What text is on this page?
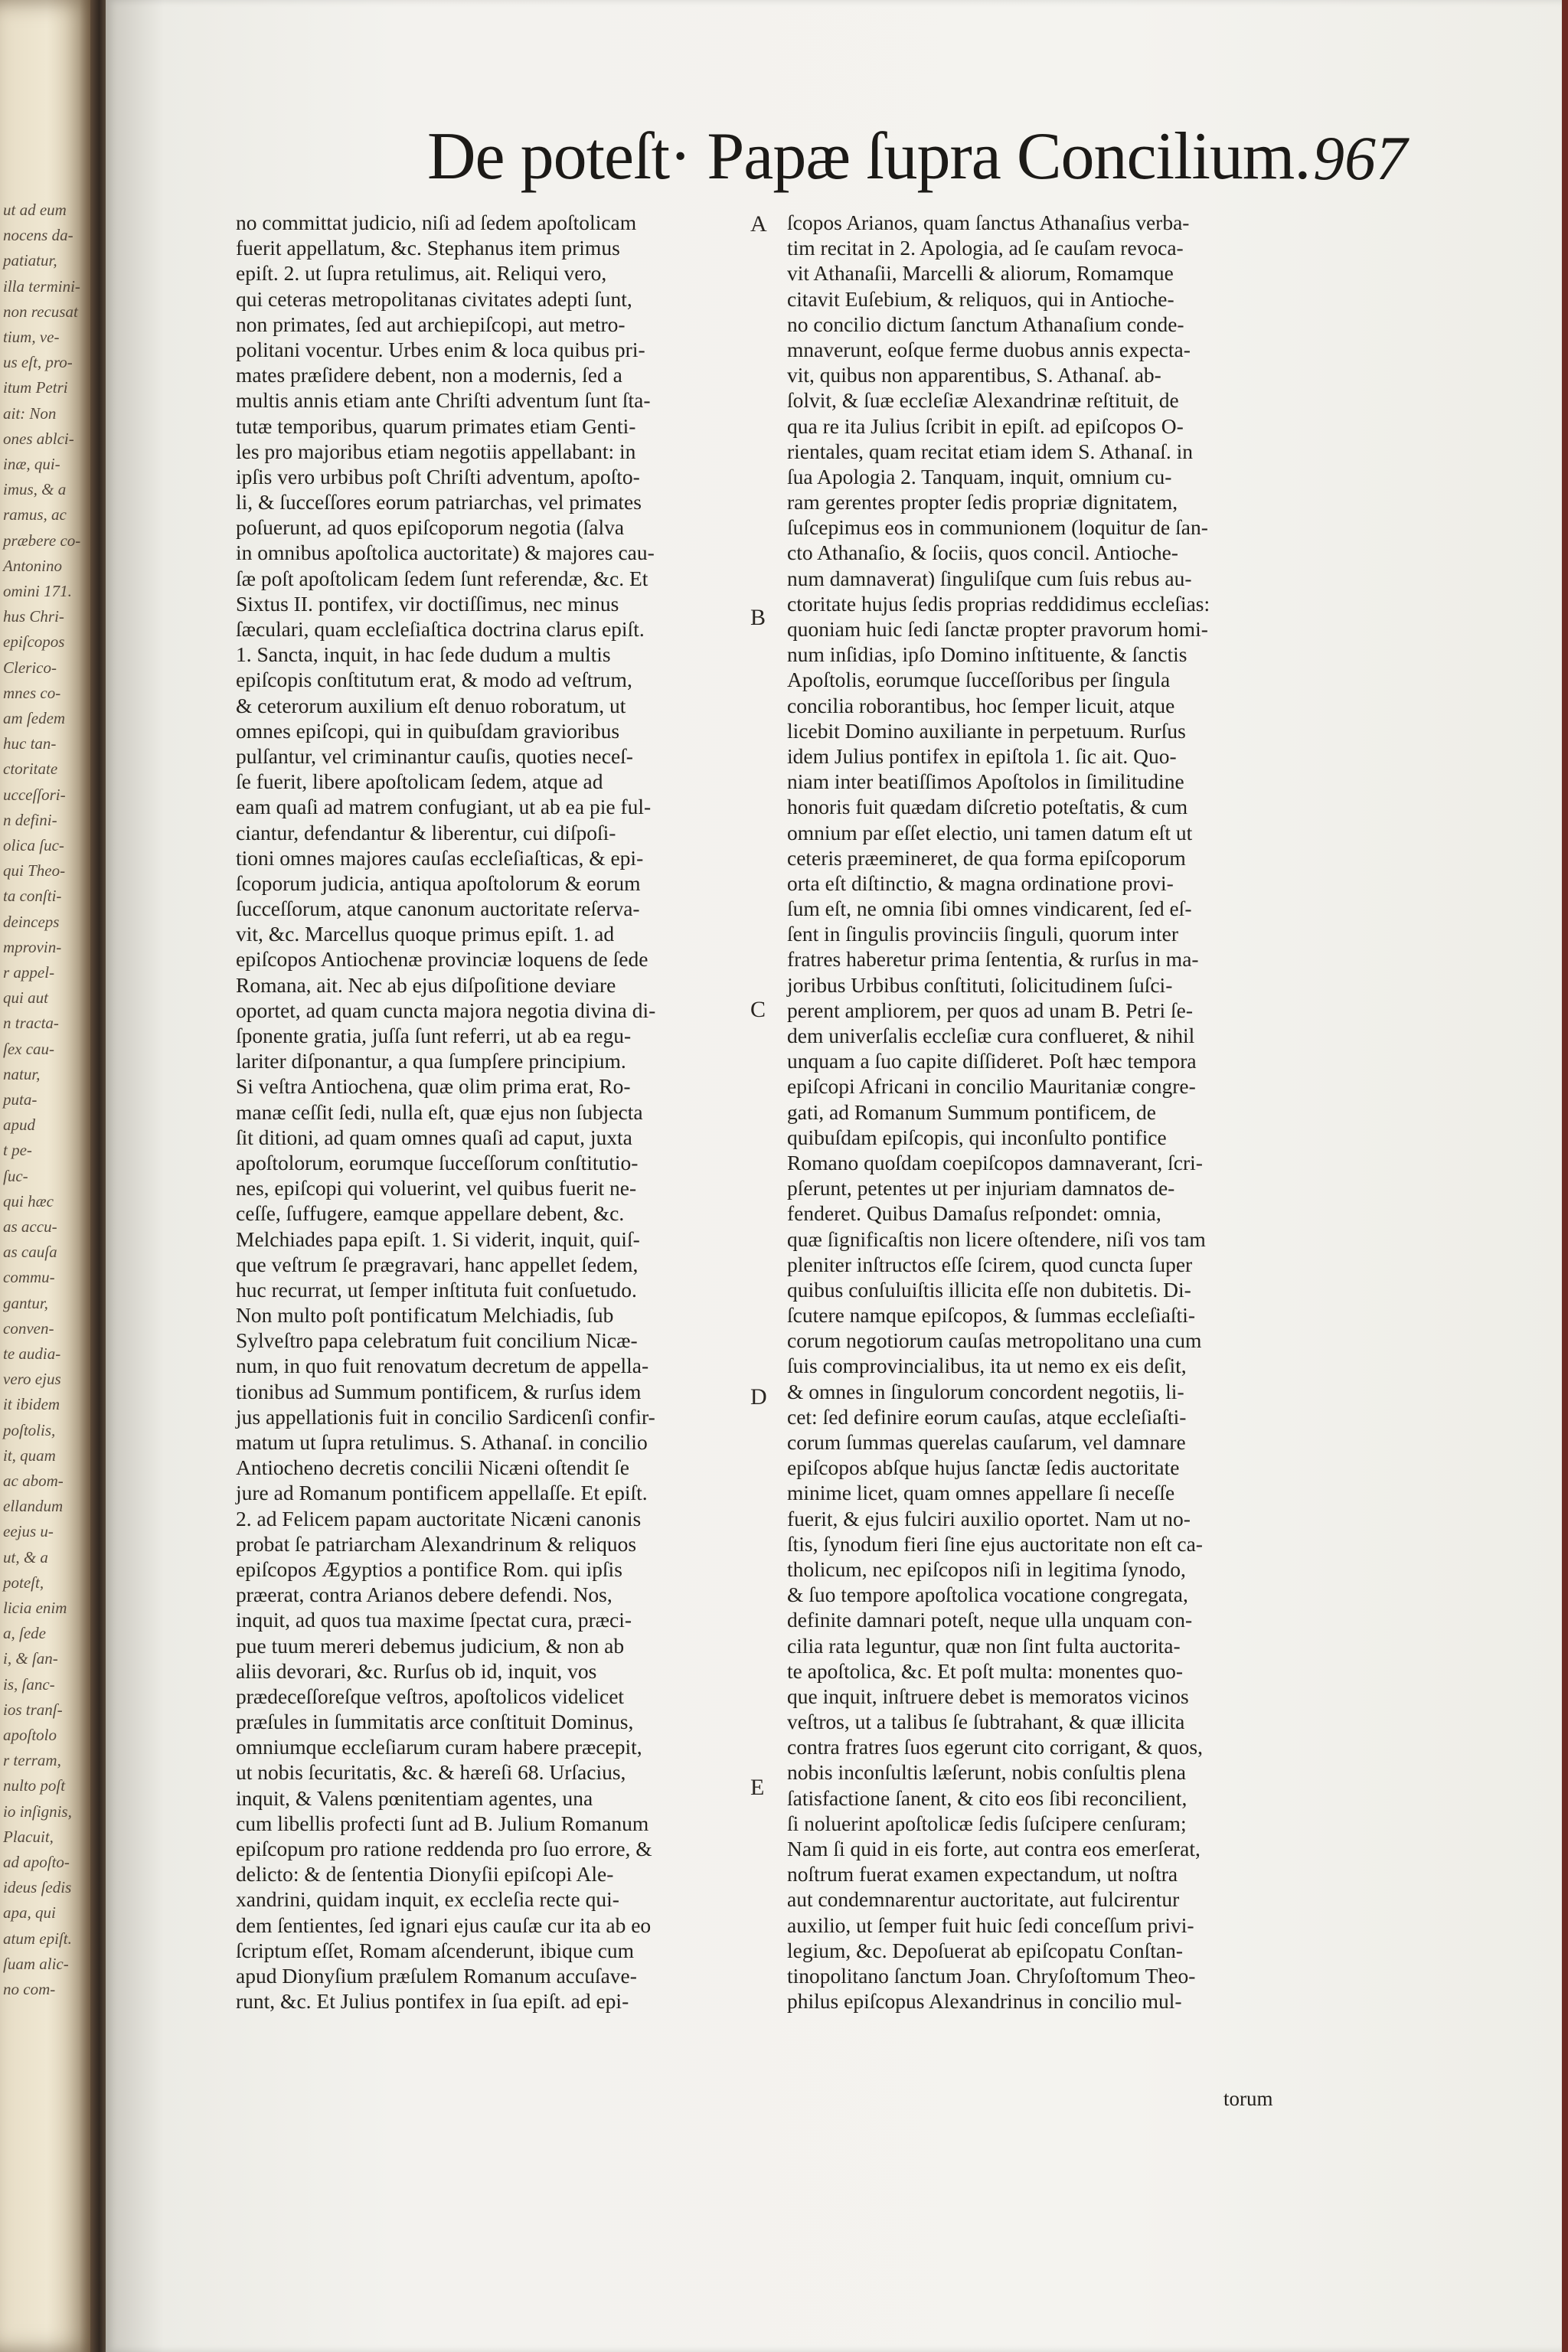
ut ad eum
nocens da-
patiatur,
illa termini-
non recusat
tium, ve-
us eſt, pro-
itum Petri
ait: Non
ones ablci-
inæ, qui-
imus, & a
ramus, ac
præbere co-
Antonino
omini 171.
hus Chri-
epiſcopos
Clerico-
mnes co-
am ſedem
huc tan-
ctoritate
ucceſſori-
n defini-
olica ſuc-
qui Theo-
ta conſti-
deinceps
mprovin-
r appel-
qui aut
n tracta-
ſex cau-
natur,
puta-
apud
t pe-
ſuc-
qui hæc
as accu-
as cauſa
commu-
gantur,
conven-
te audia-
vero ejus
it ibidem
poſtolis,
it, quam
ac abom-
ellandum
eejus u-
ut, & a
poteſt,
licia enim
a, ſede
i, & ſan-
is, ſanc-
ios tranſ-
apoſtolo
r terram,
nulto poſt
io inſignis,
Placuit,
ad apoſto-
ideus ſedis
apa, qui
atum epiſt.
ſuam alic-
no com-
De poteſt· Papæ ſupra Concilium. 967
no committat judicio, niſi ad ſedem apoſtolicam
fuerit appellatum, &c. Stephanus item primus
epiſt. 2. ut ſupra retulimus, ait. Reliqui vero,
qui ceteras metropolitanas civitates adepti ſunt,
non primates, ſed aut archiepiſcopi, aut metro-
politani vocentur. Urbes enim & loca quibus pri-
mates præſidere debent, non a modernis, ſed a
multis annis etiam ante Chriſti adventum ſunt ſta-
tutæ temporibus, quarum primates etiam Genti-
les pro majoribus etiam negotiis appellabant: in
ipſis vero urbibus poſt Chriſti adventum, apoſto-
li, & ſucceſſores eorum patriarchas, vel primates
poſuerunt, ad quos epiſcoporum negotia (ſalva
in omnibus apoſtolica auctoritate) & majores cau-
ſæ poſt apoſtolicam ſedem ſunt referendæ, &c. Et
Sixtus II. pontifex, vir doctiſſimus, nec minus
ſæculari, quam eccleſiaſtica doctrina clarus epiſt.
1. Sancta, inquit, in hac ſede dudum a multis
epiſcopis conſtitutum erat, & modo ad veſtrum,
& ceterorum auxilium eſt denuo roboratum, ut
omnes epiſcopi, qui in quibuſdam gravioribus
pulſantur, vel criminantur cauſis, quoties neceſ-
ſe fuerit, libere apoſtolicam ſedem, atque ad
eam quaſi ad matrem confugiant, ut ab ea pie ful-
ciantur, defendantur & liberentur, cui diſpoſi-
tioni omnes majores cauſas eccleſiaſticas, & epi-
ſcoporum judicia, antiqua apoſtolorum & eorum
ſucceſſorum, atque canonum auctoritate reſerva-
vit, &c. Marcellus quoque primus epiſt. 1. ad
epiſcopos Antiochenæ provinciæ loquens de ſede
Romana, ait. Nec ab ejus diſpoſitione deviare
oportet, ad quam cuncta majora negotia divina di-
ſponente gratia, juſſa ſunt referri, ut ab ea regu-
lariter diſponantur, a qua ſumpſere principium.
Si veſtra Antiochena, quæ olim prima erat, Ro-
manæ ceſſit ſedi, nulla eſt, quæ ejus non ſubjecta
ſit ditioni, ad quam omnes quaſi ad caput, juxta
apoſtolorum, eorumque ſucceſſorum conſtitutio-
nes, epiſcopi qui voluerint, vel quibus fuerit ne-
ceſſe, ſuffugere, eamque appellare debent, &c.
Melchiades papa epiſt. 1. Si viderit, inquit, quiſ-
que veſtrum ſe prægravari, hanc appellet ſedem,
huc recurrat, ut ſemper inſtituta fuit conſuetudo.
Non multo poſt pontificatum Melchiadis, ſub
Sylveſtro papa celebratum fuit concilium Nicæ-
num, in quo fuit renovatum decretum de appella-
tionibus ad Summum pontificem, & rurſus idem
jus appellationis fuit in concilio Sardicenſi confir-
matum ut ſupra retulimus. S. Athanaſ. in concilio
Antiocheno decretis concilii Nicæni oſtendit ſe
jure ad Romanum pontificem appellaſſe. Et epiſt.
2. ad Felicem papam auctoritate Nicæni canonis
probat ſe patriarcham Alexandrinum & reliquos
epiſcopos Ægyptios a pontifice Rom. qui ipſis
præerat, contra Arianos debere defendi. Nos,
inquit, ad quos tua maxime ſpectat cura, præci-
pue tuum mereri debemus judicium, & non ab
aliis devorari, &c. Rurſus ob id, inquit, vos
prædeceſſoreſque veſtros, apoſtolicos videlicet
præſules in ſummitatis arce conſtituit Dominus,
omniumque eccleſiarum curam habere præcepit,
ut nobis ſecuritatis, &c. & hæreſi 68. Urſacius,
inquit, & Valens pœnitentiam agentes, una
cum libellis profecti ſunt ad B. Julium Romanum
epiſcopum pro ratione reddenda pro ſuo errore, &
delicto: & de ſententia Dionyſii epiſcopi Ale-
xandrini, quidam inquit, ex eccleſia recte qui-
dem ſentientes, ſed ignari ejus cauſæ cur ita ab eo
ſcriptum eſſet, Romam aſcenderunt, ibique cum
apud Dionyſium præſulem Romanum accuſave-
runt, &c. Et Julius pontifex in ſua epiſt. ad epi-
ſcopos Arianos, quam ſanctus Athanaſius verba-
tim recitat in 2. Apologia, ad ſe cauſam revoca-
vit Athanaſii, Marcelli & aliorum, Romamque
citavit Euſebium, & reliquos, qui in Antioche-
no concilio dictum ſanctum Athanaſium conde-
mnaverunt, eoſque ferme duobus annis expecta-
vit, quibus non apparentibus, S. Athanaſ. ab-
ſolvit, & ſuæ eccleſiæ Alexandrinæ reſtituit, de
qua re ita Julius ſcribit in epiſt. ad epiſcopos O-
rientales, quam recitat etiam idem S. Athanaſ. in
ſua Apologia 2. Tanquam, inquit, omnium cu-
ram gerentes propter ſedis propriæ dignitatem,
ſuſcepimus eos in communionem (loquitur de ſan-
cto Athanaſio, & ſociis, quos concil. Antioche-
num damnaverat) ſinguliſque cum ſuis rebus au-
ctoritate hujus ſedis proprias reddidimus eccleſias:
quoniam huic ſedi ſanctæ propter pravorum homi-
num inſidias, ipſo Domino inſtituente, & ſanctis
Apoſtolis, eorumque ſucceſſoribus per ſingula
concilia roborantibus, hoc ſemper licuit, atque
licebit Domino auxiliante in perpetuum. Rurſus
idem Julius pontifex in epiſtola 1. ſic ait. Quo-
niam inter beatiſſimos Apoſtolos in ſimilitudine
honoris fuit quædam diſcretio poteſtatis, & cum
omnium par eſſet electio, uni tamen datum eſt ut
ceteris præemineret, de qua forma epiſcoporum
orta eſt diſtinctio, & magna ordinatione provi-
ſum eſt, ne omnia ſibi omnes vindicarent, ſed eſ-
ſent in ſingulis provinciis ſinguli, quorum inter
fratres haberetur prima ſententia, & rurſus in ma-
joribus Urbibus conſtituti, ſolicitudinem ſuſci-
perent ampliorem, per quos ad unam B. Petri ſe-
dem univerſalis eccleſiæ cura conflueret, & nihil
unquam a ſuo capite diſſideret. Poſt hæc tempora
epiſcopi Africani in concilio Mauritaniæ congre-
gati, ad Romanum Summum pontificem, de
quibuſdam epiſcopis, qui inconſulto pontifice
Romano quoſdam coepiſcopos damnaverant, ſcri-
pſerunt, petentes ut per injuriam damnatos de-
fenderet. Quibus Damaſus reſpondet: omnia,
quæ ſignificaſtis non licere oſtendere, niſi vos tam
pleniter inſtructos eſſe ſcirem, quod cuncta ſuper
quibus conſuluiſtis illicita eſſe non dubitetis. Di-
ſcutere namque epiſcopos, & ſummas eccleſiaſti-
corum negotiorum cauſas metropolitano una cum
ſuis comprovincialibus, ita ut nemo ex eis deſit,
& omnes in ſingulorum concordent negotiis, li-
cet: ſed definire eorum cauſas, atque eccleſiaſti-
corum ſummas querelas cauſarum, vel damnare
epiſcopos abſque hujus ſanctæ ſedis auctoritate
minime licet, quam omnes appellare ſi neceſſe
fuerit, & ejus fulciri auxilio oportet. Nam ut no-
ſtis, ſynodum fieri ſine ejus auctoritate non eſt ca-
tholicum, nec epiſcopos niſi in legitima ſynodo,
& ſuo tempore apoſtolica vocatione congregata,
definite damnari poteſt, neque ulla unquam con-
cilia rata leguntur, quæ non ſint fulta auctorita-
te apoſtolica, &c. Et poſt multa: monentes quo-
que inquit, inſtruere debet is memoratos vicinos
veſtros, ut a talibus ſe ſubtrahant, & quæ illicita
contra fratres ſuos egerunt cito corrigant, & quos,
nobis inconſultis læſerunt, nobis conſultis plena
ſatisfactione ſanent, & cito eos ſibi reconcilient,
ſi noluerint apoſtolicæ ſedis ſuſcipere cenſuram;
Nam ſi quid in eis forte, aut contra eos emerſerat,
noſtrum fuerat examen expectandum, ut noſtra
aut condemnarentur auctoritate, aut fulcirentur
auxilio, ut ſemper fuit huic ſedi conceſſum privi-
legium, &c. Depoſuerat ab epiſcopatu Conſtan-
tinopolitano ſanctum Joan. Chryſoſtomum Theo-
philus epiſcopus Alexandrinus in concilio mul-
A
B
C
D
E
torum
